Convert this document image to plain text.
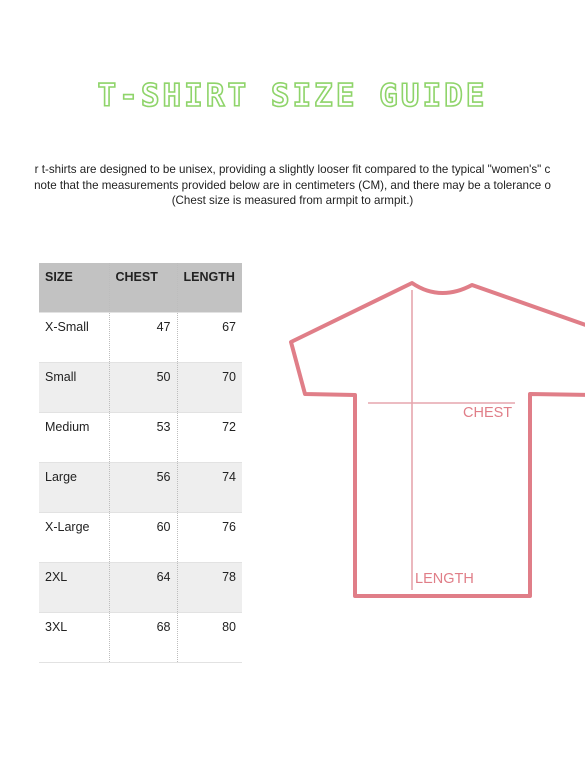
T-SHIRT SIZE GUIDE
r t-shirts are designed to be unisex, providing a slightly looser fit compared to the typical "women's" c
note that the measurements provided below are in centimeters (CM), and there may be a tolerance o
(Chest size is measured from armpit to armpit.)
SIZE	CHEST	LENGTH
X-Small	47	67
Small	50	70
Medium	53	72
Large	56	74
X-Large	60	76
2XL	64	78
3XL	68	80
CHEST
LENGTH
